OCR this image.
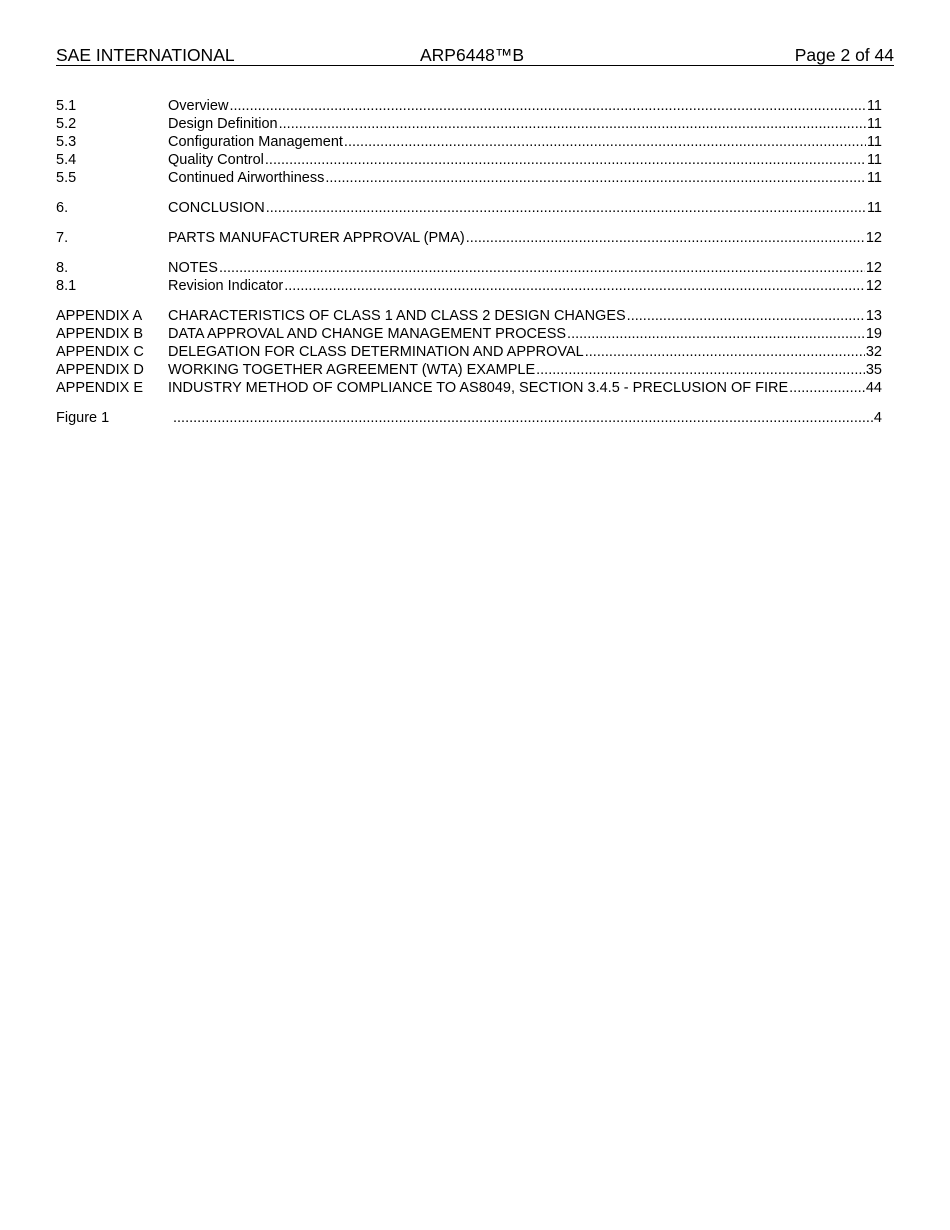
SAE INTERNATIONAL	ARP6448™B	Page 2 of 44
5.1	Overview .....	11
5.2	Design Definition .....	11
5.3	Configuration Management .....	11
5.4	Quality Control .....	11
5.5	Continued Airworthiness .....	11
6.	CONCLUSION .....	11
7.	PARTS MANUFACTURER APPROVAL (PMA) .....	12
8.	NOTES .....	12
8.1	Revision Indicator .....	12
APPENDIX A	CHARACTERISTICS OF CLASS 1 AND CLASS 2 DESIGN CHANGES .....	13
APPENDIX B	DATA APPROVAL AND CHANGE MANAGEMENT PROCESS .....	19
APPENDIX C	DELEGATION FOR CLASS DETERMINATION AND APPROVAL .....	32
APPENDIX D	WORKING TOGETHER AGREEMENT (WTA) EXAMPLE .....	35
APPENDIX E	INDUSTRY METHOD OF COMPLIANCE TO AS8049, SECTION 3.4.5 - PRECLUSION OF FIRE .....	44
Figure 1 .....	4
